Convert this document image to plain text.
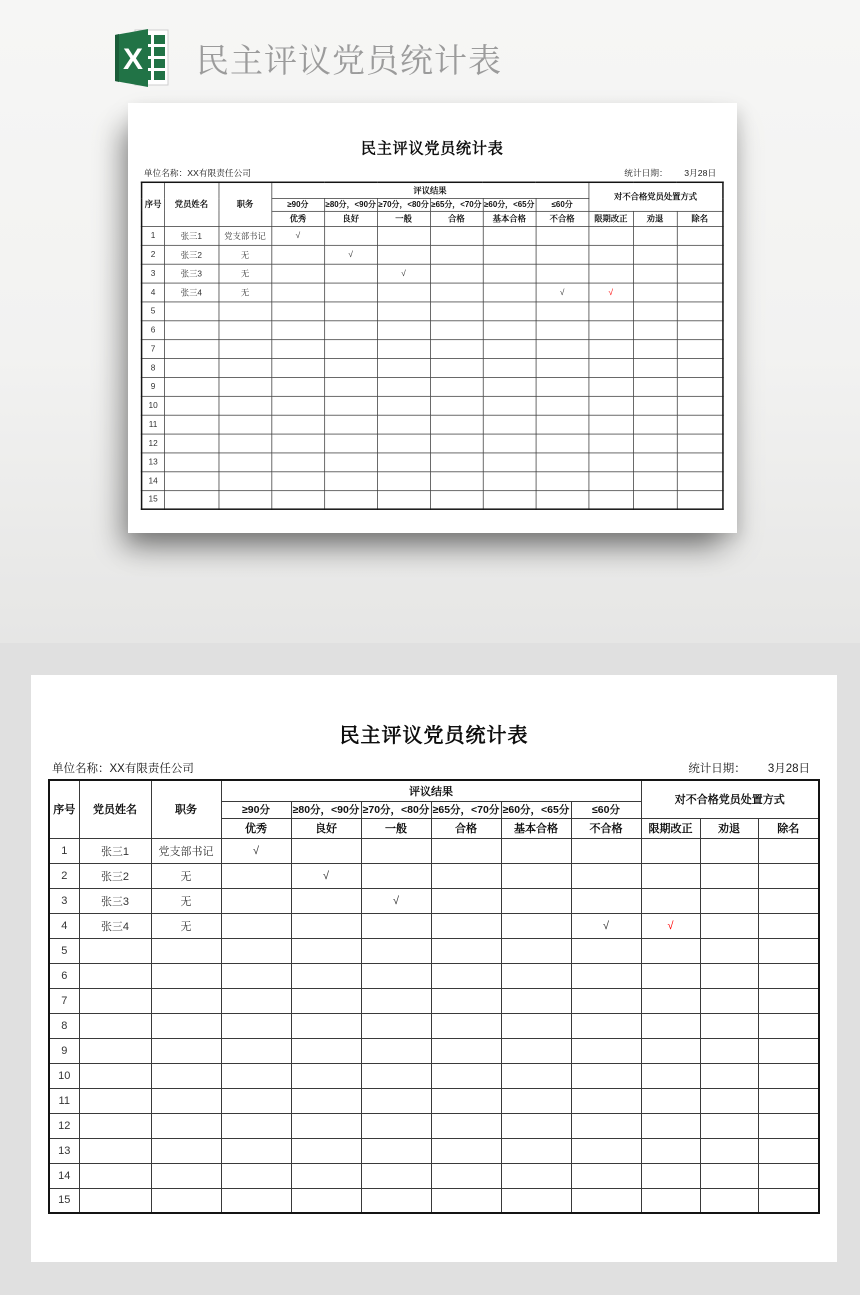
X 民主评议党员统计表
民主评议党员统计表
单位名称：XX有限责任公司	统计日期： 3月28日
序号	党员姓名	职务	评议结果						对不合格党员处置方式		
			≥90分	≥80分，<90分	≥70分，<80分	≥65分，<70分	≥60分，<65分	≤60分			
			优秀	良好	一般	合格	基本合格	不合格	限期改正	劝退	除名
1	张三1	党支部书记	√								
2	张三2	无		√							
3	张三3	无			√						
4	张三4	无						√	√		
5											
6											
7											
8											
9											
10											
11											
12											
13											
14											
15											
民主评议党员统计表
单位名称：XX有限责任公司	统计日期： 3月28日
序号	党员姓名	职务	评议结果						对不合格党员处置方式		
			≥90分	≥80分，<90分	≥70分，<80分	≥65分，<70分	≥60分，<65分	≤60分			
			优秀	良好	一般	合格	基本合格	不合格	限期改正	劝退	除名
1	张三1	党支部书记	√								
2	张三2	无		√							
3	张三3	无			√						
4	张三4	无						√	√		
5											
6											
7											
8											
9											
10											
11											
12											
13											
14											
15											
